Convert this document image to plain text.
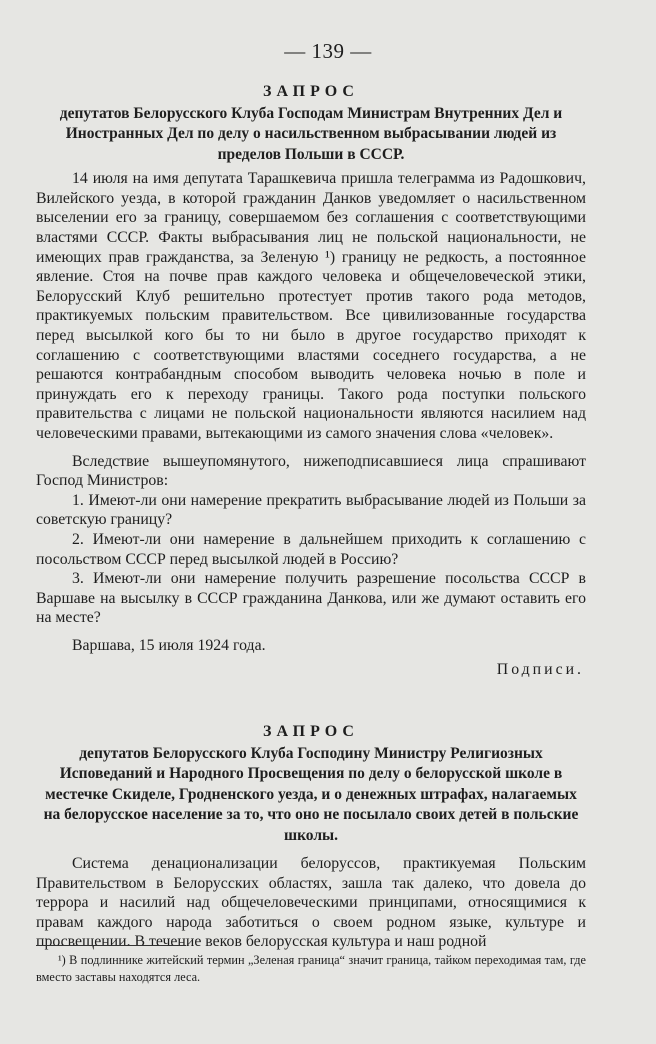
— 139 —
ЗАПРОС

депутатов Белорусского Клуба Господам Министрам Внутренних Дел и Иностранных Дел по делу о насильственном выбрасывании людей из пределов Польши в СССР.

14 июля на имя депутата Тарашкевича пришла телеграмма из Радошкович, Вилейского уезда, в которой гражданин Данков уведомляет о насильственном выселении его за границу, совершаемом без соглашения с соответствующими властями СССР. Факты выбрасывания лиц не польской национальности, не имеющих прав гражданства, за Зеленую ¹) границу не редкость, а постоянное явление. Стоя на почве прав каждого человека и общечеловеческой этики, Белорусский Клуб решительно протестует против такого рода методов, практикуемых польским правительством. Все цивилизованные государства перед высылкой кого бы то ни было в другое государство приходят к соглашению с соответствующими властями соседнего государства, а не решаются контрабандным способом выводить человека ночью в поле и принуждать его к переходу границы. Такого рода поступки польского правительства с лицами не польской национальности являются насилием над человеческими правами, вытекающими из самого значения слова «человек».

Вследствие вышеупомянутого, нижеподписавшиеся лица спрашивают Господ Министров:

1. Имеют-ли они намерение прекратить выбрасывание людей из Польши за советскую границу?

2. Имеют-ли они намерение в дальнейшем приходить к соглашению с посольством СССР перед высылкой людей в Россию?

3. Имеют-ли они намерение получить разрешение посольства СССР в Варшаве на высылку в СССР гражданина Данкова, или же думают оставить его на месте?

Варшава, 15 июля 1924 года.

Подписи.
ЗАПРОС

депутатов Белорусского Клуба Господину Министру Религиозных Исповеданий и Народного Просвещения по делу о белорусской школе в местечке Скиделе, Гродненского уезда, и о денежных штрафах, налагаемых на белорусское население за то, что оно не посылало своих детей в польские школы.

Система денационализации белоруссов, практикуемая Польским Правительством в Белорусских областях, зашла так далеко, что довела до террора и насилий над общечеловеческими принципами, относящимися к правам каждого народа заботиться о своем родном языке, культуре и просвещении. В течение веков белорусская культура и наш родной

¹) В подлиннике житейский термин „Зеленая граница“ значит граница, тайком переходимая там, где вместо заставы находятся леса.
